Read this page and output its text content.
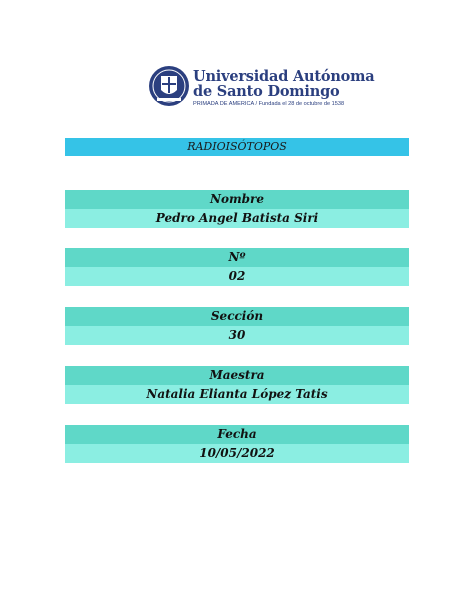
Universidad Autónoma
de Santo Domingo
PRIMADA DE AMERICA / Fundada el 28 de octubre de 1538
RADIOISÓTOPOS
Nombre
Pedro Angel Batista Siri
Nº
02
Sección
30
Maestra
Natalia Elianta López Tatis
Fecha
10/05/2022
